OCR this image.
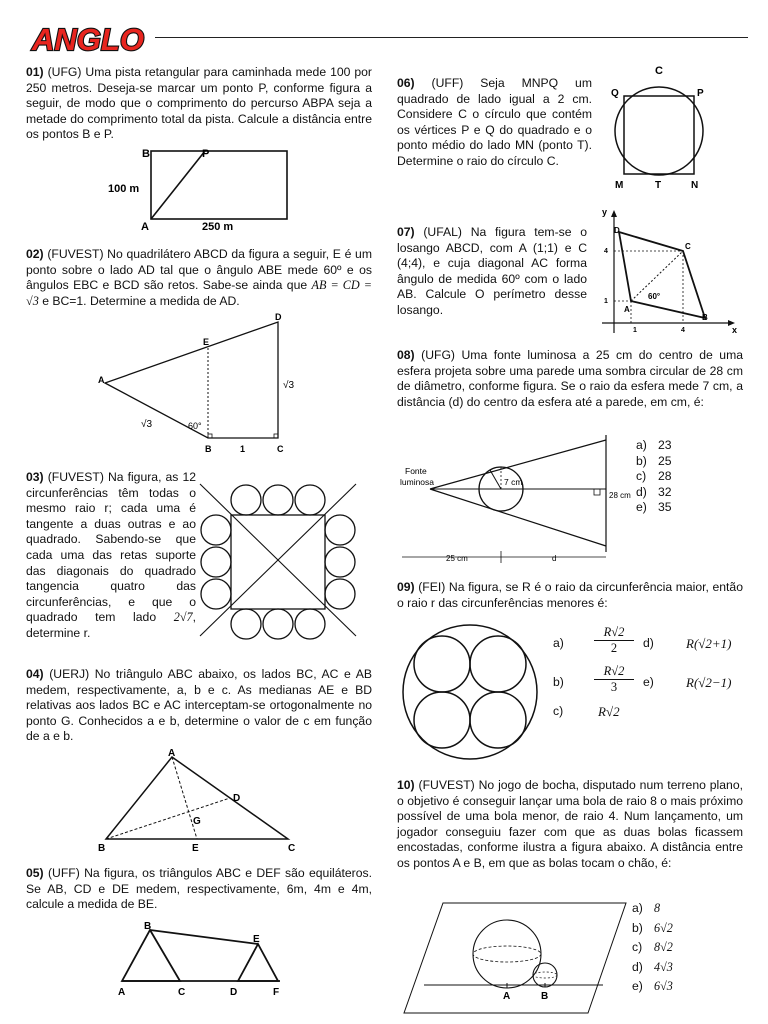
ANGLO

01) (UFG) Uma pista retangular para caminhada mede 100 por 250 metros. Deseja-se marcar um ponto P, conforme figura a seguir, de modo que o comprimento do percurso ABPA seja a metade do comprimento total da pista. Calcule a distância entre os pontos B e P.

B	P
A
100 m
250 m

02) (FUVEST) No quadrilátero ABCD da figura a seguir, E é um ponto sobre o lado AD tal que o ângulo ABE mede 60º e os ângulos EBC e BCD são retos. Sabe-se ainda que AB = CD = √3 e BC=1. Determine a medida de AD.

A
B	C
D
E
√3
√3
60°
1

03) (FUVEST) Na figura, as 12 circunferências têm todas o mesmo raio r; cada uma é tangente a duas outras e ao quadrado. Sabendo-se que cada uma das retas suporte das diagonais do quadrado tangencia quatro das circunferências, e que o quadrado tem lado 2√7, determine r.

04) (UERJ) No triângulo ABC abaixo, os lados BC, AC e AB medem, respectivamente, a, b e c. As medianas AE e BD relativas aos lados BC e AC interceptam-se ortogonalmente no ponto G. Conhecidos a e b, determine o valor de c em função de a e b.

A
B	C
D
E
G

05) (UFF) Na figura, os triângulos ABC e DEF são equiláteros. Se AB, CD e DE medem, respectivamente, 6m, 4m e 4m, calcule a medida de BE.

A
B
C	D
E
F

06) (UFF) Seja MNPQ um quadrado de lado igual a 2 cm. Considere C o círculo que contém os vértices P e Q do quadrado e o ponto médio do lado MN (ponto T). Determine o raio do círculo C.

C
P
Q
M	T	N

07) (UFAL) Na figura tem-se o losango ABCD, com A (1;1) e C (4;4), e cuja diagonal AC forma ângulo de medida 60º com o lado AB. Calcule O perímetro desse losango.

y
x
D
C
A
B
4
1
1	4
60°

08) (UFG) Uma fonte luminosa a 25 cm do centro de uma esfera projeta sobre uma parede uma sombra circular de 28 cm de diâmetro, conforme figura. Se o raio da esfera mede 7 cm, a distância (d) do centro da esfera até a parede, em cm, é:

Fonte
luminosa	7 cm
28 cm
25 cm	d
a) 23
b) 25
c) 28
d) 32
e) 35

09) (FEI) Na figura, se R é o raio da circunferência maior, então o raio r das circunferências menores é:

a)
R√2
2	d) R(√2+1)
b)
R√2
3	e) R(√2−1)
c)	R√2

10) (FUVEST) No jogo de bocha, disputado num terreno plano, o objetivo é conseguir lançar uma bola de raio 8 o mais próximo possível de uma bola menor, de raio 4. Num lançamento, um jogador conseguiu fazer com que as duas bolas ficassem encostadas, conforme ilustra a figura abaixo. A distância entre os pontos A e B, em que as bolas tocam o chão, é:

A	B
a) 8
b) 6√2
c) 8√2
d) 4√3
e) 6√3
